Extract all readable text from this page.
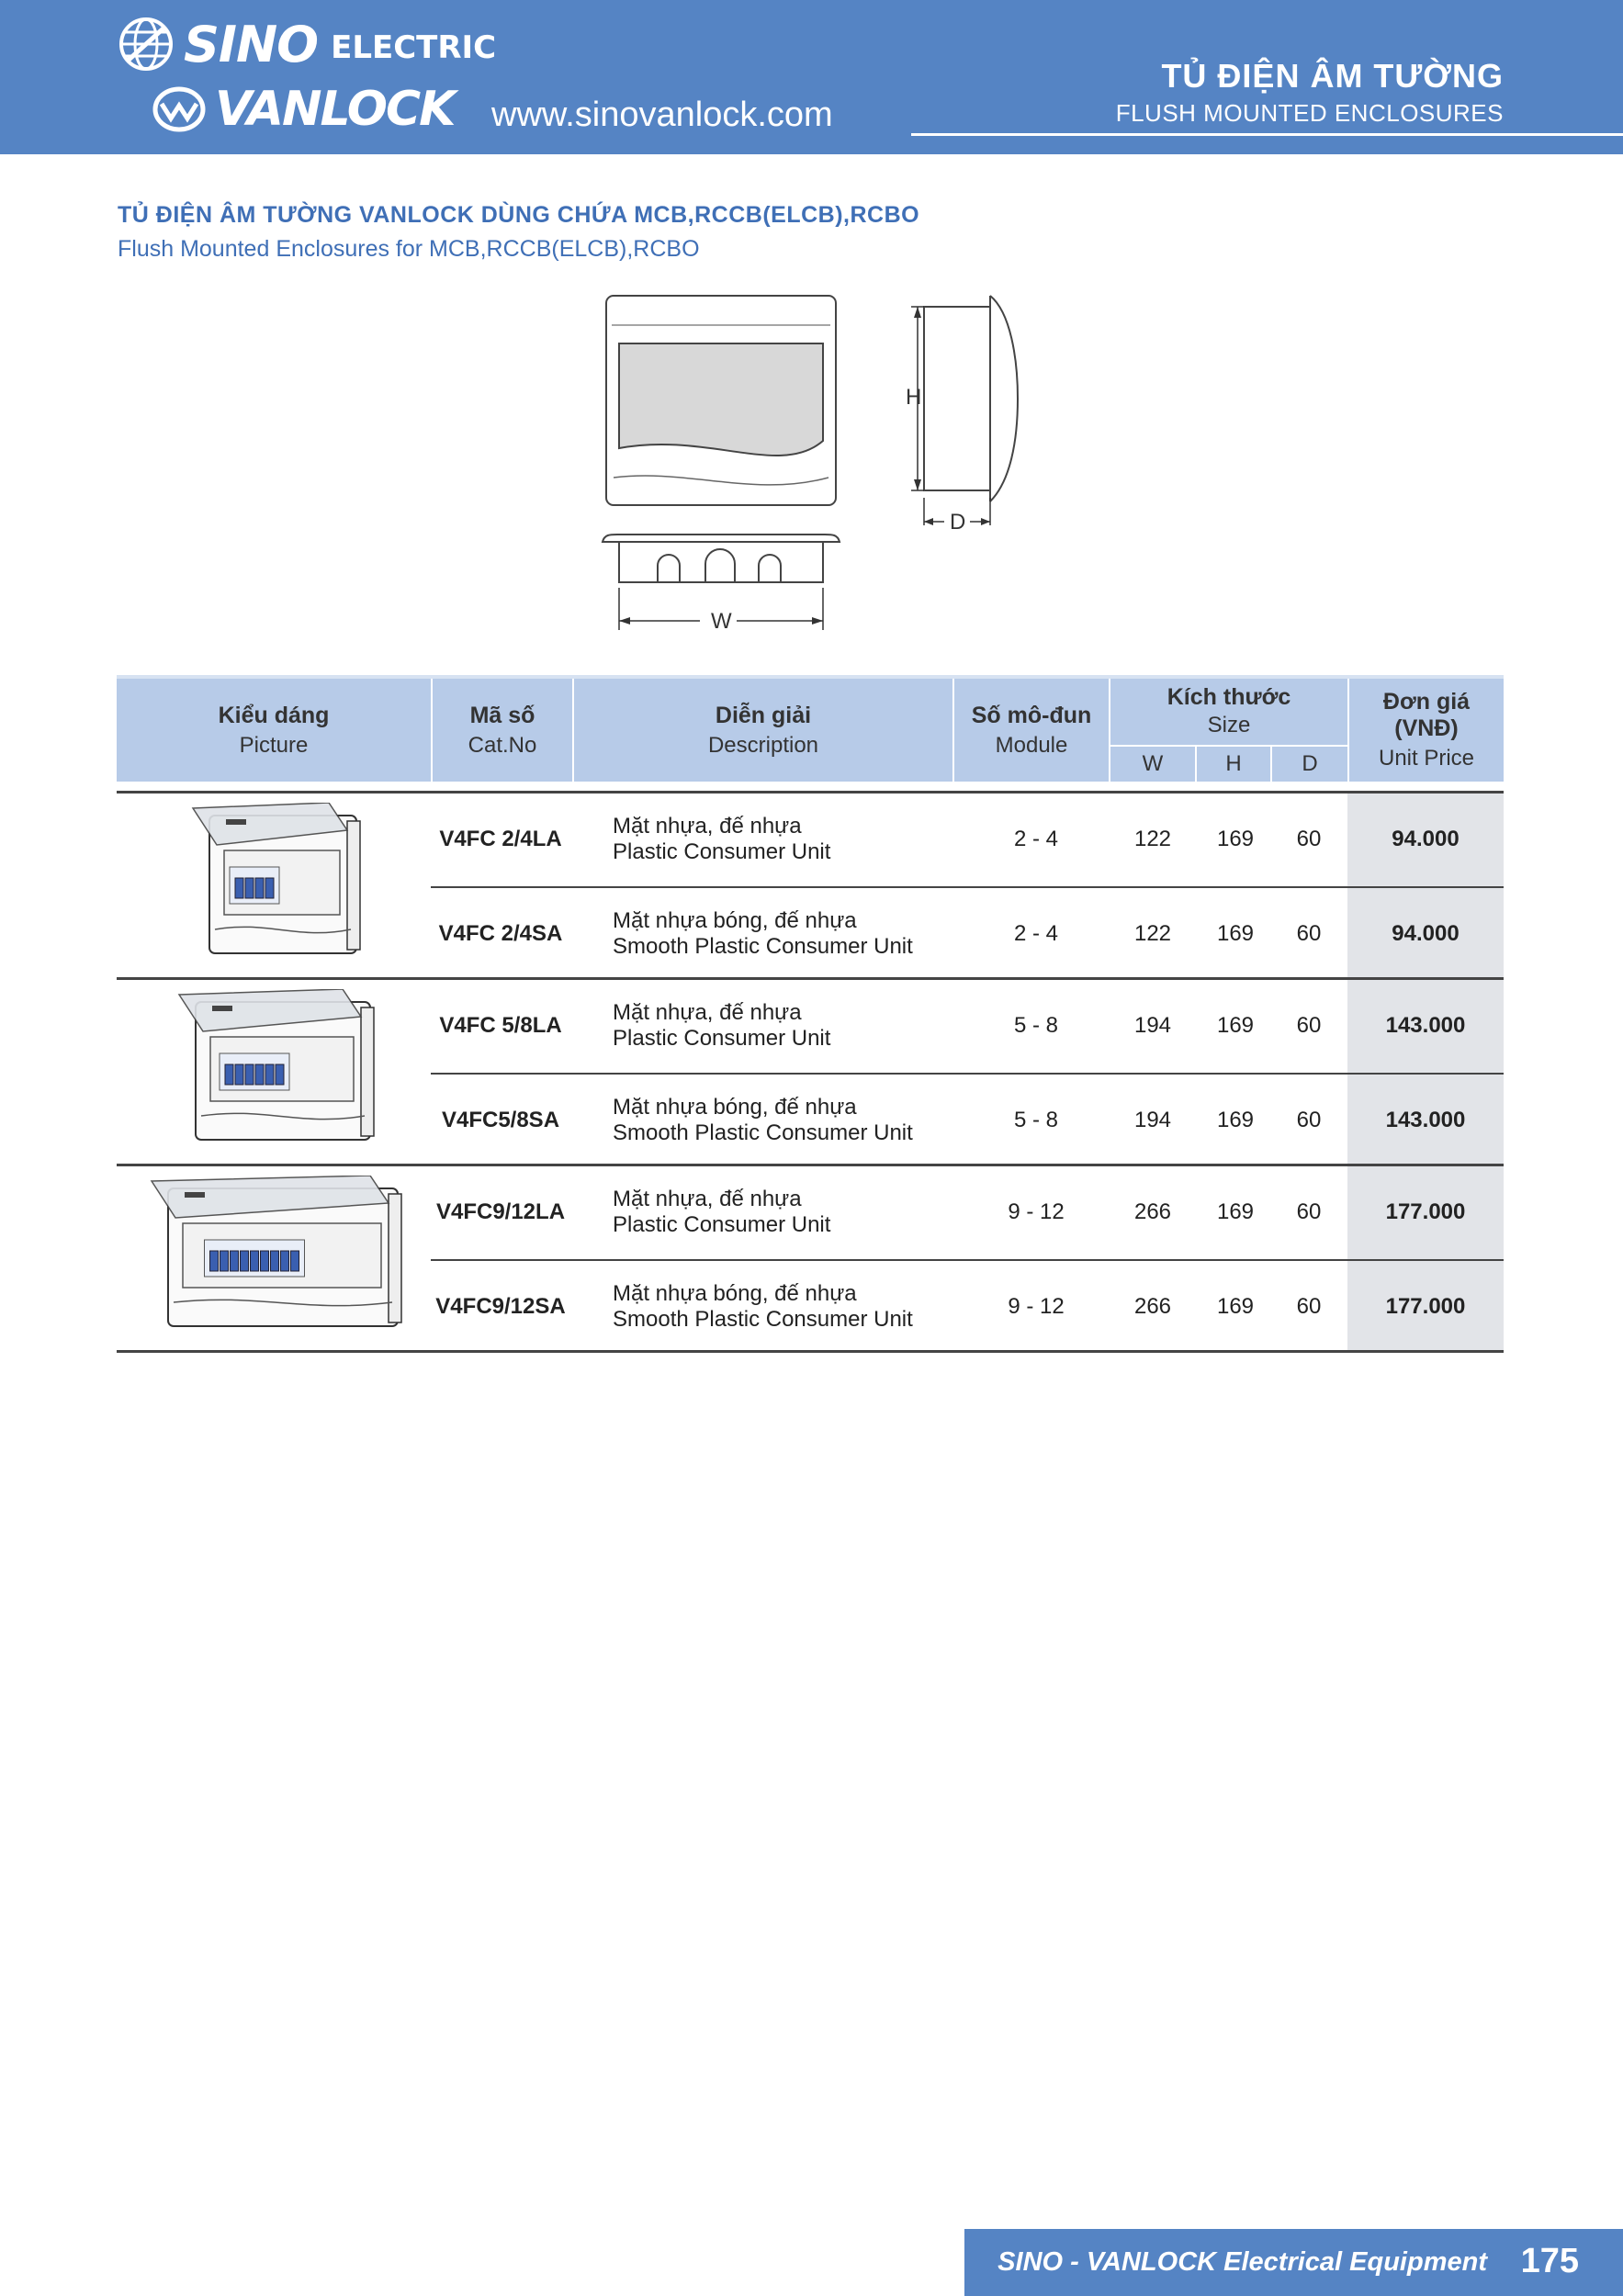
SINO ELECTRIC
VANLOCK www.sinovanlock.com
TỦ ĐIỆN ÂM TƯỜNG
FLUSH MOUNTED ENCLOSURES
TỦ ĐIỆN ÂM TƯỜNG VANLOCK DÙNG CHỨA MCB,RCCB(ELCB),RCBO
Flush Mounted Enclosures for MCB,RCCB(ELCB),RCBO
H
D
W
Kiểu dáng
Picture
Mã số
Cat.No
Diễn giải
Description
Số mô-đun
Module
Kích thước
Size
W	H	D
Đơn giá (VNĐ)
Unit Price
V4FC 2/4LA
Mặt nhựa, đế nhựa
Plastic Consumer Unit
2 - 4	122	169	60	94.000
V4FC 2/4SA
Mặt nhựa bóng, đế nhựa
Smooth Plastic Consumer Unit
2 - 4	122	169	60	94.000
V4FC 5/8LA
Mặt nhựa, đế nhựa
Plastic Consumer Unit
5 - 8	194	169	60	143.000
V4FC5/8SA
Mặt nhựa bóng, đế nhựa
Smooth Plastic Consumer Unit
5 - 8	194	169	60	143.000
V4FC9/12LA
Mặt nhựa, đế nhựa
Plastic Consumer Unit
9 - 12	266	169	60	177.000
V4FC9/12SA
Mặt nhựa bóng, đế nhựa
Smooth Plastic Consumer Unit
9 - 12	266	169	60	177.000
SINO - VANLOCK Electrical Equipment 175
